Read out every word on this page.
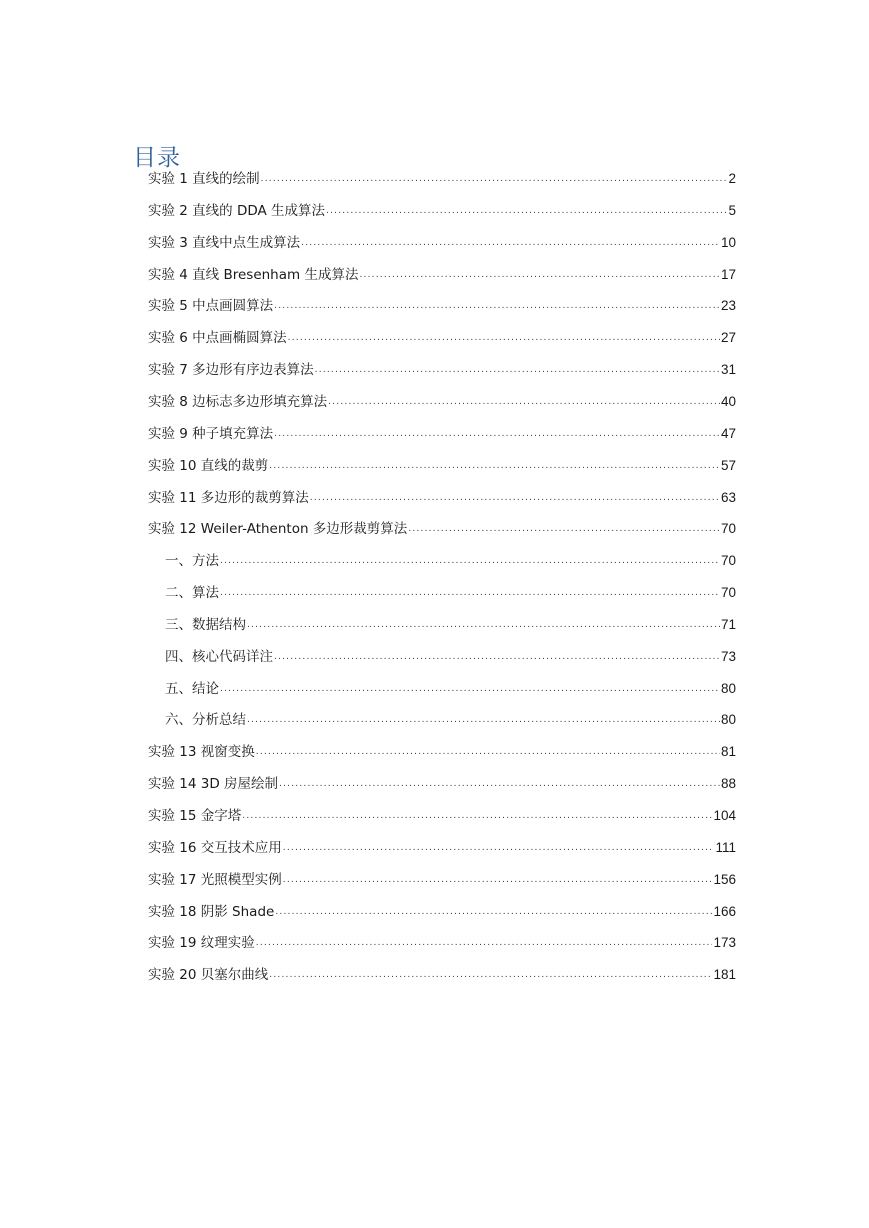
目录
实验 1 直线的绘制 .....	2
实验 2 直线的 DDA 生成算法 .....	5
实验 3 直线中点生成算法 .....	10
实验 4 直线 Bresenham 生成算法 .....	17
实验 5 中点画圆算法 .....	23
实验 6 中点画椭圆算法 .....	27
实验 7 多边形有序边表算法 .....	31
实验 8 边标志多边形填充算法 .....	40
实验 9 种子填充算法 .....	47
实验 10 直线的裁剪 .....	57
实验 11 多边形的裁剪算法 .....	63
实验 12 Weiler-Athenton 多边形裁剪算法 .....	70
一、方法 .....	70
二、算法 .....	70
三、数据结构 .....	71
四、核心代码详注 .....	73
五、结论 .....	80
六、分析总结 .....	80
实验 13 视窗变换 .....	81
实验 14 3D 房屋绘制 .....	88
实验 15 金字塔 .....	104
实验 16 交互技术应用 .....	111
实验 17 光照模型实例 .....	156
实验 18 阴影 Shade .....	166
实验 19 纹理实验 .....	173
实验 20 贝塞尔曲线 .....	181
